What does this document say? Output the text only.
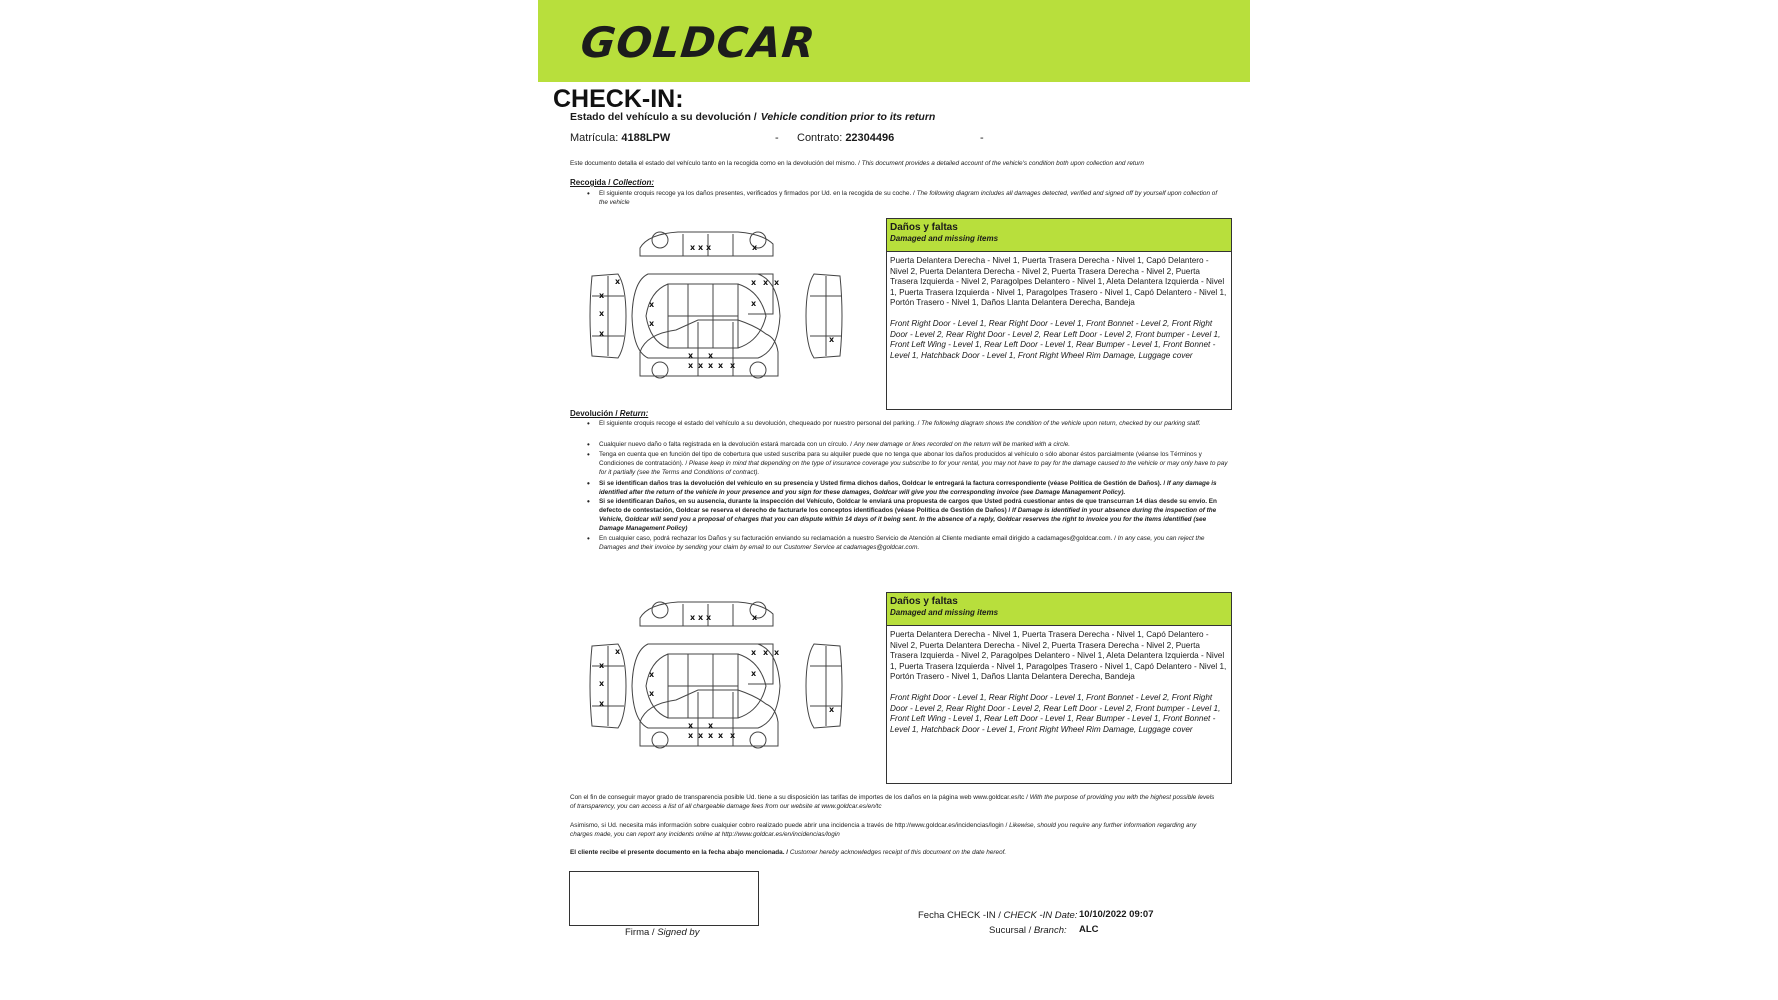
GOLDCAR
CHECK-IN:
Estado del vehículo a su devolución / Vehicle condition prior to its return
Matrícula: 4188LPW	- Contrato: 22304496	-
Este documento detalla el estado del vehículo tanto en la recogida como en la devolución del mismo. / This document provides a detailed account of the vehicle's condition both upon collection and return
Recogida / Collection:
• El siguiente croquis recoge ya los daños presentes, verificados y firmados por Ud. en la recogida de su coche. / The following diagram includes all damages detected, verified and signed off by yourself upon collection of the vehicle
x x x	x
x
x
x
x
x
x
x x x
x
x
x x
x x x x x
Daños y faltas
Damaged and missing items
Puerta Delantera Derecha - Nivel 1, Puerta Trasera Derecha - Nivel 1, Capó Delantero - Nivel 2, Puerta Delantera Derecha - Nivel 2, Puerta Trasera Derecha - Nivel 2, Puerta Trasera Izquierda - Nivel 2, Paragolpes Delantero - Nivel 1, Aleta Delantera Izquierda - Nivel 1, Puerta Trasera Izquierda - Nivel 1, Paragolpes Trasero - Nivel 1, Capó Delantero - Nivel 1, Portón Trasero - Nivel 1, Daños Llanta Delantera Derecha, Bandeja
Front Right Door - Level 1, Rear Right Door - Level 1, Front Bonnet - Level 2, Front Right Door - Level 2, Rear Right Door - Level 2, Rear Left Door - Level 2, Front bumper - Level 1, Front Left Wing - Level 1, Rear Left Door - Level 1, Rear Bumper - Level 1, Front Bonnet - Level 1, Hatchback Door - Level 1, Front Right Wheel Rim Damage, Luggage cover
Devolución / Return:
• El siguiente croquis recoge el estado del vehículo a su devolución, chequeado por nuestro personal del parking. / The following diagram shows the condition of the vehicle upon return, checked by our parking staff.
• Cualquier nuevo daño o falta registrada en la devolución estará marcada con un círculo. / Any new damage or lines recorded on the return will be marked with a circle.
• Tenga en cuenta que en función del tipo de cobertura que usted suscriba para su alquiler puede que no tenga que abonar los daños producidos al vehículo o sólo abonar éstos parcialmente (véanse los Términos y Condiciones de contratación). / Please keep in mind that depending on the type of insurance coverage you subscribe to for your rental, you may not have to pay for the damage caused to the vehicle or may only have to pay for it partially (see the Terms and Conditions of contract).
• Si se identifican daños tras la devolución del vehículo en su presencia y Usted firma dichos daños, Goldcar le entregará la factura correspondiente (véase Política de Gestión de Daños). / If any damage is identified after the return of the vehicle in your presence and you sign for these damages, Goldcar will give you the corresponding invoice (see Damage Management Policy).
• Si se identificaran Daños, en su ausencia, durante la inspección del Vehículo, Goldcar le enviará una propuesta de cargos que Usted podrá cuestionar antes de que transcurran 14 días desde su envío. En defecto de contestación, Goldcar se reserva el derecho de facturarle los conceptos identificados (véase Política de Gestión de Daños) / If Damage is identified in your absence during the inspection of the Vehicle, Goldcar will send you a proposal of charges that you can dispute within 14 days of it being sent. In the absence of a reply, Goldcar reserves the right to invoice you for the items identified (see Damage Management Policy)
• En cualquier caso, podrá rechazar los Daños y su facturación enviando su reclamación a nuestro Servicio de Atención al Cliente mediante email dirigido a cadamages@goldcar.com. / In any case, you can reject the Damages and their invoice by sending your claim by email to our Customer Service at cadamages@goldcar.com.
x x x	x
x
x
x
x
x
x
x x x
x
x
x x
x x x x x
Daños y faltas
Damaged and missing items
Puerta Delantera Derecha - Nivel 1, Puerta Trasera Derecha - Nivel 1, Capó Delantero - Nivel 2, Puerta Delantera Derecha - Nivel 2, Puerta Trasera Derecha - Nivel 2, Puerta Trasera Izquierda - Nivel 2, Paragolpes Delantero - Nivel 1, Aleta Delantera Izquierda - Nivel 1, Puerta Trasera Izquierda - Nivel 1, Paragolpes Trasero - Nivel 1, Capó Delantero - Nivel 1, Portón Trasero - Nivel 1, Daños Llanta Delantera Derecha, Bandeja
Front Right Door - Level 1, Rear Right Door - Level 1, Front Bonnet - Level 2, Front Right Door - Level 2, Rear Right Door - Level 2, Rear Left Door - Level 2, Front bumper - Level 1, Front Left Wing - Level 1, Rear Left Door - Level 1, Rear Bumper - Level 1, Front Bonnet - Level 1, Hatchback Door - Level 1, Front Right Wheel Rim Damage, Luggage cover
Con el fin de conseguir mayor grado de transparencia posible Ud. tiene a su disposición las tarifas de importes de los daños en la página web www.goldcar.es/tc / With the purpose of providing you with the highest possible levels of transparency, you can access a list of all chargeable damage fees from our website at www.goldcar.es/en/tc
Asimismo, si Ud. necesita más información sobre cualquier cobro realizado puede abrir una incidencia a través de http://www.goldcar.es/incidencias/login / Likewise, should you require any further information regarding any charges made, you can report any incidents online at http://www.goldcar.es/en/incidencias/login
El cliente recibe el presente documento en la fecha abajo mencionada. / Customer hereby acknowledges receipt of this document on the date hereof.
Firma / Signed by
Fecha CHECK -IN / CHECK -IN Date: 10/10/2022 09:07
Sucursal / Branch: ALC
